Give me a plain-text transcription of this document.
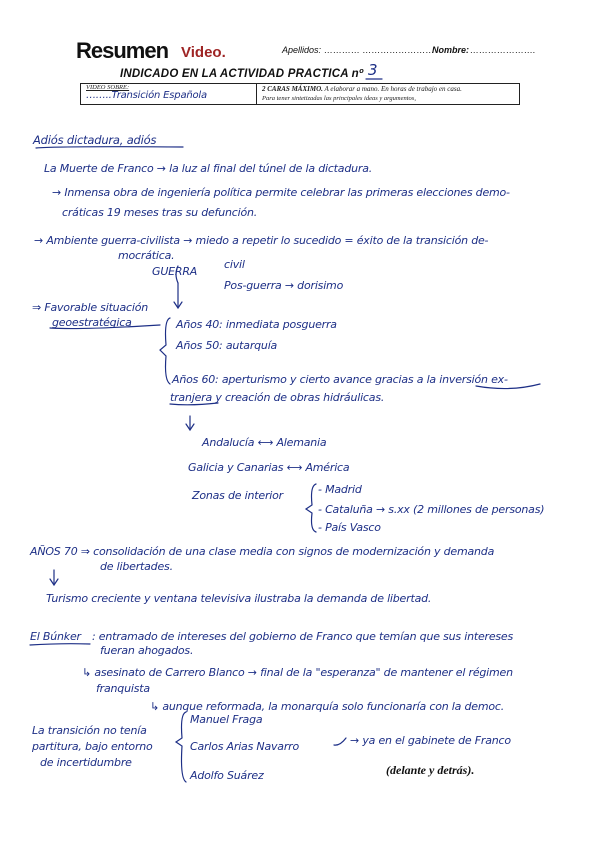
Resumen Video.	Apellidos: ………… ……………………
Nombre: ………………….
INDICADO EN LA ACTIVIDAD PRACTICA nº 3
VIDEO SOBRE:
……..Transición Española
2 CARAS MÁXIMO. A elaborar a mano. En horas de trabajo en casa.
Para tener sintetizadas las principales ideas y argumentos,
Adiós dictadura, adiós
La Muerte de Franco → la luz al final del túnel de la dictadura.
→ Inmensa obra de ingeniería política permite celebrar las primeras elecciones demo-
cráticas 19 meses tras su defunción.
→ Ambiente guerra-civilista → miedo a repetir lo sucedido = éxito de la transición de-
mocrática.
GUERRA
civil
Pos-guerra → dorisimo
⇒ Favorable situación
geoestratégica	Años 40: inmediata posguerra
Años 50: autarquía
Años 60: aperturismo y cierto avance gracias a la inversión ex-
tranjera y creación de obras hidráulicas.
Andalucía ⟷ Alemania
Galicia y Canarias ⟷ América
Zonas de interior	- Madrid
- Cataluña → s.xx (2 millones de personas)
- País Vasco
AÑOS 70 ⇒ consolidación de una clase media con signos de modernización y demanda
de libertades.
Turismo creciente y ventana televisiva ilustraba la demanda de libertad.
El Búnker : entramado de intereses del gobierno de Franco que temían que sus intereses
fueran ahogados.
↳ asesinato de Carrero Blanco → final de la "esperanza" de mantener el régimen
franquista
↳ aunque reformada, la monarquía solo funcionaría con la democ.
La transición no tenía
partitura, bajo entorno
de incertidumbre
Manuel Fraga
Carlos Arias Navarro
Adolfo Suárez
→ ya en el gabinete de Franco
(delante y detrás).
